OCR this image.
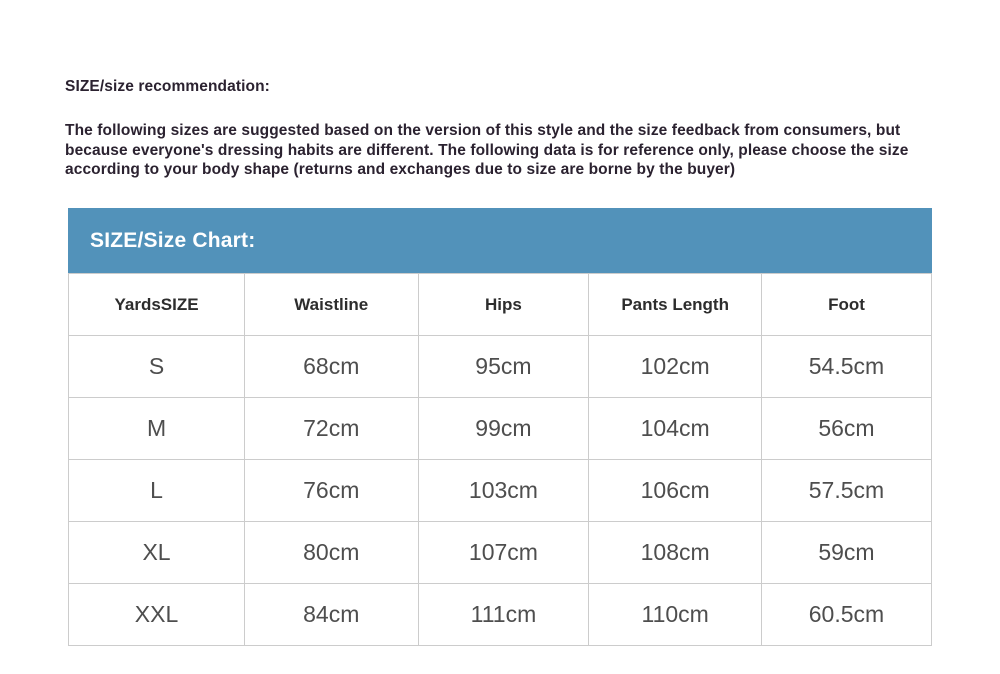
SIZE/size recommendation:

The following sizes are suggested based on the version of this style and the size feedback from consumers, but because everyone's dressing habits are different. The following data is for reference only, please choose the size according to your body shape (returns and exchanges due to size are borne by the buyer)

SIZE/Size Chart:
YardsSIZE	Waistline	Hips	Pants Length	Foot
S	68cm	95cm	102cm	54.5cm
M	72cm	99cm	104cm	56cm
L	76cm	103cm	106cm	57.5cm
XL	80cm	107cm	108cm	59cm
XXL	84cm	111cm	110cm	60.5cm
